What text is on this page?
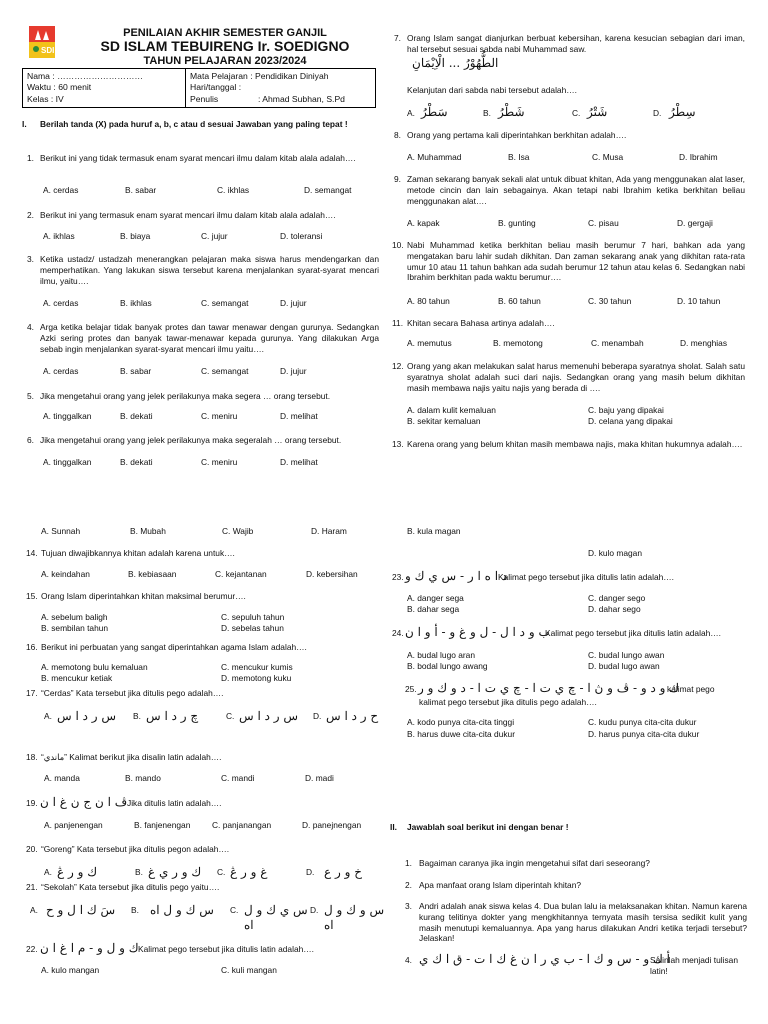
SDI
PENILAIAN AKHIR SEMESTER GANJIL
SD ISLAM TEBUIRENG Ir. SOEDIGNO
TAHUN PELAJARAN 2023/2024
Nama : …………………………
Waktu : 60 menit
Kelas : IV
Mata Pelajaran : Pendidikan Diniyah
Hari/tanggal :
Penulis	: Ahmad Subhan, S.Pd
I. Berilah tanda (X) pada huruf a, b, c atau d sesuai Jawaban yang paling tepat !
1. Berikut ini yang tidak termasuk enam syarat mencari ilmu dalam kitab alala adalah….
A. cerdas	B. sabar	C. ikhlas	D. semangat
2. Berikut ini yang termasuk enam syarat mencari ilmu dalam kitab alala adalah….
A. ikhlas	B. biaya	C. jujur	D. toleransi
3. Ketika ustadz/ ustadzah menerangkan pelajaran maka siswa harus mendengarkan dan memperhatikan. Yang lakukan siswa tersebut karena menjalankan syarat-syarat mencari ilmu, yaitu….
A. cerdas	B. ikhlas	C. semangat	D. jujur
4. Arga ketika belajar tidak banyak protes dan tawar menawar dengan gurunya. Sedangkan Azki sering protes dan banyak tawar-menawar kepada gurunya. Yang dilakukan Arga sebab ingin menjalankan syarat-syarat mencari ilmu yaitu….
A. cerdas	B. sabar	C. semangat	D. jujur
5. Jika mengetahui orang yang jelek perilakunya maka segera … orang tersebut.
A. tinggalkan	B. dekati	C. meniru	D. melihat
6. Jika mengetahui orang yang jelek perilakunya maka segeralah … orang tersebut.
A. tinggalkan	B. dekati	C. meniru	D. melihat
7. Orang Islam sangat dianjurkan berbuat kebersihan, karena kesucian sebagian dari iman, hal tersebut sesuai sabda nabi Muhammad saw.
الطُّهُوْرُ ... الْاِيْمَانِ
Kelanjutan dari sabda nabi tersebut adalah….
A. سَطْرُ	B. شَطْرُ	C. شَتْرُ	D. سِطْرُ
8. Orang yang pertama kali diperintahkan berkhitan adalah….
A. Muhammad	B. Isa	C. Musa	D. Ibrahim
9. Zaman sekarang banyak sekali alat untuk dibuat khitan, Ada yang menggunakan alat laser, metode cincin dan lain sebagainya. Akan tetapi nabi Ibrahim ketika berkhitan beliau menggunakan alat….
A. kapak	B. gunting	C. pisau	D. gergaji
10. Nabi Muhammad ketika berkhitan beliau masih berumur 7 hari, bahkan ada yang mengatakan baru lahir sudah dikhitan. Dan zaman sekarang anak yang dikhitan rata-rata umur 10 atau 11 tahun bahkan ada sudah berumur 12 tahun atau kelas 6. Sedangkan nabi Ibrahim berkhitan pada waktu berumur….
A. 80 tahun	B. 60 tahun	C. 30 tahun	D. 10 tahun
11. Khitan secara Bahasa artinya adalah….
A. memutus	B. memotong	C. menambah	D. menghias
12. Orang yang akan melakukan salat harus memenuhi beberapa syaratnya sholat. Salah satu syaratnya sholat adalah suci dari najis. Sedangkan orang yang masih belum dikhitan masih membawa najis yaitu najis yang berada di ….
A. dalam kulit kemaluan
B. sekitar kemaluan
C. baju yang dipakai
D. celana yang dipakai
13. Karena orang yang belum khitan masih membawa najis, maka khitan hukumnya adalah….
A. Sunnah	B. Mubah	C. Wajib	D. Haram
14. Tujuan diwajibkannya khitan adalah karena untuk….
A. keindahan	B. kebiasaan	C. kejantanan	D. kebersihan
15. Orang Islam diperintahkan khitan maksimal berumur….
A. sebelum baligh
B. sembilan tahun
C. sepuluh tahun
D. sebelas tahun
16. Berikut ini perbuatan yang sangat diperintahkan agama Islam adalah….
A. memotong bulu kemaluan
B. mencukur ketiak
C. mencukur kumis
D. memotong kuku
17. “Cerdas” Kata tersebut jika ditulis pego adalah….
A. س ر د ا س B. چ ر د ا س	C. س ر د ا س D. ح ر د ا س
18. “ماندي” Kalimat berikut jika disalin latin adalah….
A. manda	B. mando	C. mandi	D. madi
19. ڤ ا ن ج ن غ ا ن Jika ditulis latin adalah….
A. panjenengan	B. fanjenengan	C. panjanangan	D. panejnengan
20. “Goreng” Kata tersebut jika ditulis pegon adalah….
A. ك و ر ڠ	B. ك و ر ي غ C. غ و ر ڠ	D. خ و ر ع
21. “Sekolah” Kata tersebut jika ditulis pego yaitu….
A. سَ ك ا ل و ح B. س ك و ل اه	C. س ي ك و ل اه
D. س و ك و ل اه
22. ك و ل و - م ا غ ا ن Kalimat pego tersebut jika ditulis latin adalah….
A. kulo mangan	C. kuli mangan
B. kula magan
D. kulo magan
23. د ا ه ا ر - س ي ك و
Kalimat pego tersebut jika ditulis latin adalah….
A. danger sega
B. dahar sega
C. danger sego
D. dahar sego
24. ب و د ا ل - ل و غ و - أ و ا ن
Kalimat pego tersebut jika ditulis latin adalah….
A. budal lugo aran
B. bodal lungo awang
C. budal lungo awan
D. budal lugo awan
25. ك و د و - ڤ و ڽ ا - چ ي ت ا - چ ي ت ا - د و ك و ر
kalimat pego
kalimat pego tersebut jika ditulis pego adalah….
A. kodo punya cita-cita tinggi
B. harus duwe cita-cita dukur
C. kudu punya cita-cita dukur
D. harus punya cita-cita dukur
II. Jawablah soal berikut ini dengan benar !
1. Bagaiman caranya jika ingin mengetahui sifat dari seseorang?
2. Apa manfaat orang Islam diperintah khitan?
3. Andri adalah anak siswa kelas 4. Dua bulan lalu ia melaksanakan khitan. Namun karena kurang telitinya dokter yang mengkhitannya ternyata masih tersisa sedikit kulit yang masih menutupi kemaluannya. Apa yang harus dilakukan Andri ketika terjadi tersebut? Jelaskan!
4. أ ك و - س و ك ا - ب ي ر ا ن غ ك ا ت - ق ا ك ي
Salinlah menjadi tulisan latin!
